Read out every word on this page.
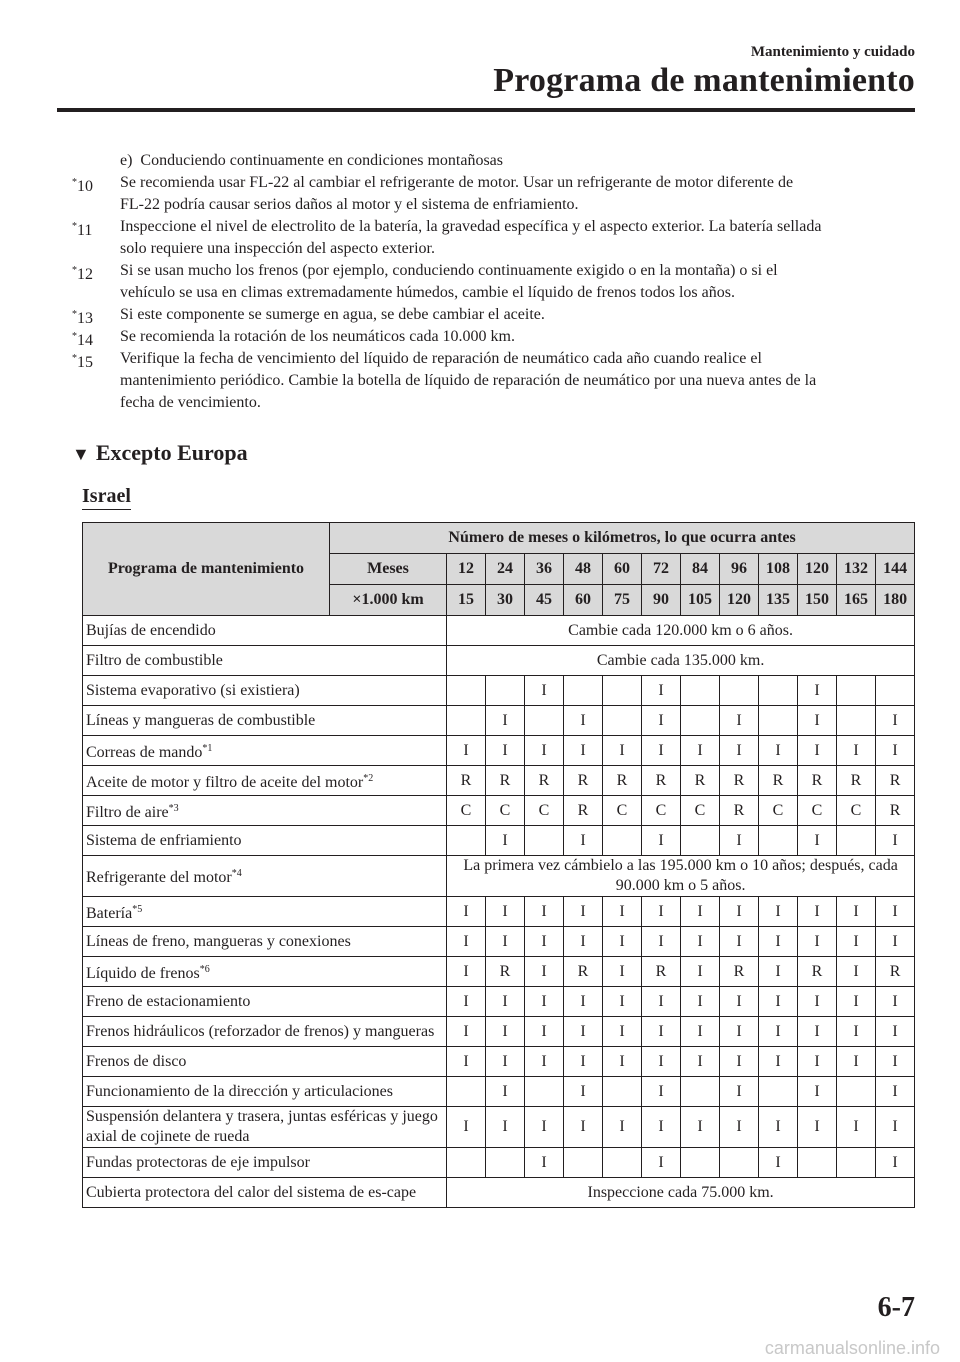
Mantenimiento y cuidado
Programa de mantenimiento
e) Conduciendo continuamente en condiciones montañosas
*10 Se recomienda usar FL-22 al cambiar el refrigerante de motor. Usar un refrigerante de motor diferente de
FL-22 podría causar serios daños al motor y el sistema de enfriamiento.
*11 Inspeccione el nivel de electrolito de la batería, la gravedad específica y el aspecto exterior. La batería sellada
solo requiere una inspección del aspecto exterior.
*12 Si se usan mucho los frenos (por ejemplo, conduciendo continuamente exigido o en la montaña) o si el
vehículo se usa en climas extremadamente húmedos, cambie el líquido de frenos todos los años.
*13 Si este componente se sumerge en agua, se debe cambiar el aceite.
*14 Se recomienda la rotación de los neumáticos cada 10.000 km.
*15 Verifique la fecha de vencimiento del líquido de reparación de neumático cada año cuando realice el
mantenimiento periódico. Cambie la botella de líquido de reparación de neumático por una nueva antes de la
fecha de vencimiento.
▼ Excepto Europa
Israel
Programa de mantenimiento	Número de meses o kilómetros, lo que ocurra antes												
	Meses	12	24	36	48	60	72	84	96	108	120	132	144
	×1.000 km	15	30	45	60	75	90	105	120	135	150	165	180
Bujías de encendido		Cambie cada 120.000 km o 6 años.											
Filtro de combustible		Cambie cada 135.000 km.											
Sistema evaporativo (si existiera)				I			I				I		
Líneas y mangueras de combustible			I		I		I		I		I		I
Correas de mando$^{*1}$		I	I	I	I	I	I	I	I	I	I	I	I
Aceite de motor y filtro de aceite del motor$^{*2}$		R	R	R	R	R	R	R	R	R	R	R	R
Filtro de aire$^{*3}$		C	C	C	R	C	C	C	R	C	C	C	R
Sistema de enfriamiento			I		I		I		I		I		I
Refrigerante del motor$^{*4}$		La primera vez cámbielo a las 195.000 km o 10 años; después, cada 90.000 km o 5 años.											
Batería$^{*5}$		I	I	I	I	I	I	I	I	I	I	I	I
Líneas de freno, mangueras y conexiones		I	I	I	I	I	I	I	I	I	I	I	I
Líquido de frenos$^{*6}$		I	R	I	R	I	R	I	R	I	R	I	R
Freno de estacionamiento		I	I	I	I	I	I	I	I	I	I	I	I
Frenos hidráulicos (reforzador de frenos) y mangueras		I	I	I	I	I	I	I	I	I	I	I	I
Frenos de disco		I	I	I	I	I	I	I	I	I	I	I	I
Funcionamiento de la dirección y articulaciones			I		I		I		I		I		I
Suspensión delantera y trasera, juntas esféricas y juego axial de cojinete de rueda		I	I	I	I	I	I	I	I	I	I	I	I
Fundas protectoras de eje impulsor				I			I			I			I
Cubierta protectora del calor del sistema de es-cape		Inspeccione cada 75.000 km.											
6-7
carmanualsonline.info
